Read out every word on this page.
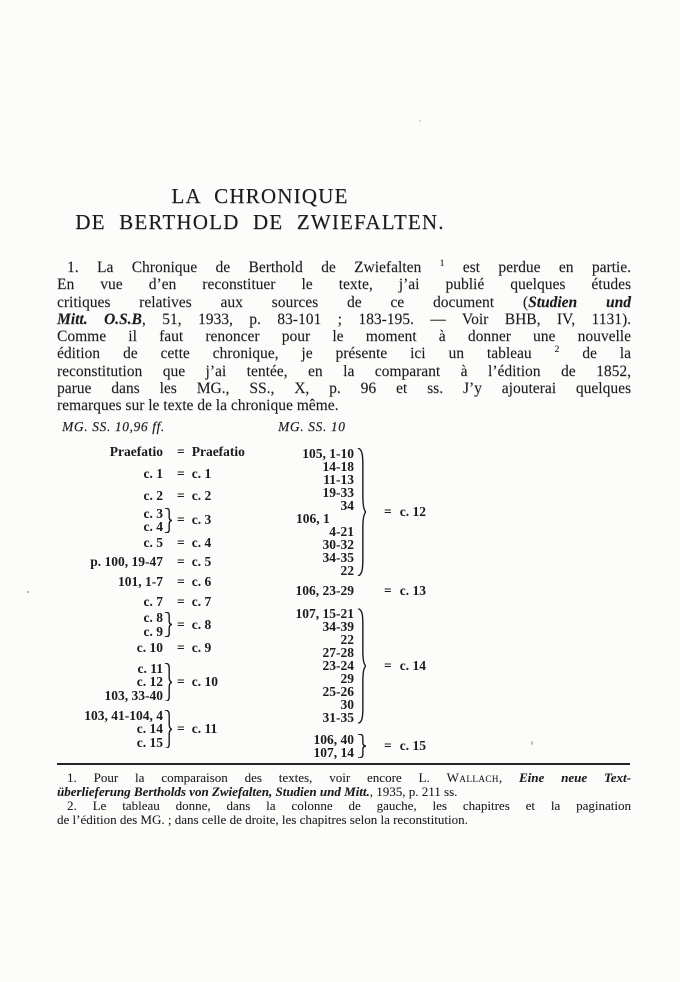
LA CHRONIQUE
DE BERTHOLD DE ZWIEFALTEN.
1. La Chronique de Berthold de Zwiefalten $^1$ est perdue en partie.
En vue d’en reconstituer le texte, j’ai publié quelques études
critiques relatives aux sources de ce document (Studien und
Mitt. O.S.B, 51, 1933, p. 83-101 ; 183-195. — Voir BHB, IV, 1131).
Comme il faut renoncer pour le moment à donner une nouvelle
édition de cette chronique, je présente ici un tableau $^2$ de la
reconstitution que j’ai tentée, en la comparant à l’édition de 1852,
parue dans les MG., SS., X, p. 96 et ss. J’y ajouterai quelques
remarques sur le texte de la chronique même.
MG. SS. 10,96 ff.	MG. SS. 10
Praefatio = Praefatio
c. 1 = c. 1
c. 2 = c. 2
c. 3
c. 4 = c. 3
c. 5 = c. 4
p. 100, 19-47 = c. 5
101, 1-7 = c. 6
c. 7 = c. 7
c. 8
c. 9 = c. 8
c. 10 = c. 9
c. 11
c. 12
103, 33-40
= c. 10
103, 41-104, 4
c. 14
c. 15
= c. 11
105, 1-10
14-18
11-13
19-33
34
106, 1
4-21
30-32
34-35
22
= c. 12
106, 23-29 = c. 13
107, 15-21
34-39
22
27-28
23-24
29
25-26
30
31-35
= c. 14
106, 40
107, 14 = c. 15
1. Pour la comparaison des textes, voir encore L. Wallach, Eine neue Text-
überlieferung Bertholds von Zwiefalten, Studien und Mitt., 1935, p. 211 ss.
2. Le tableau donne, dans la colonne de gauche, les chapitres et la pagination
de l’édition des MG. ; dans celle de droite, les chapitres selon la reconstitution.
